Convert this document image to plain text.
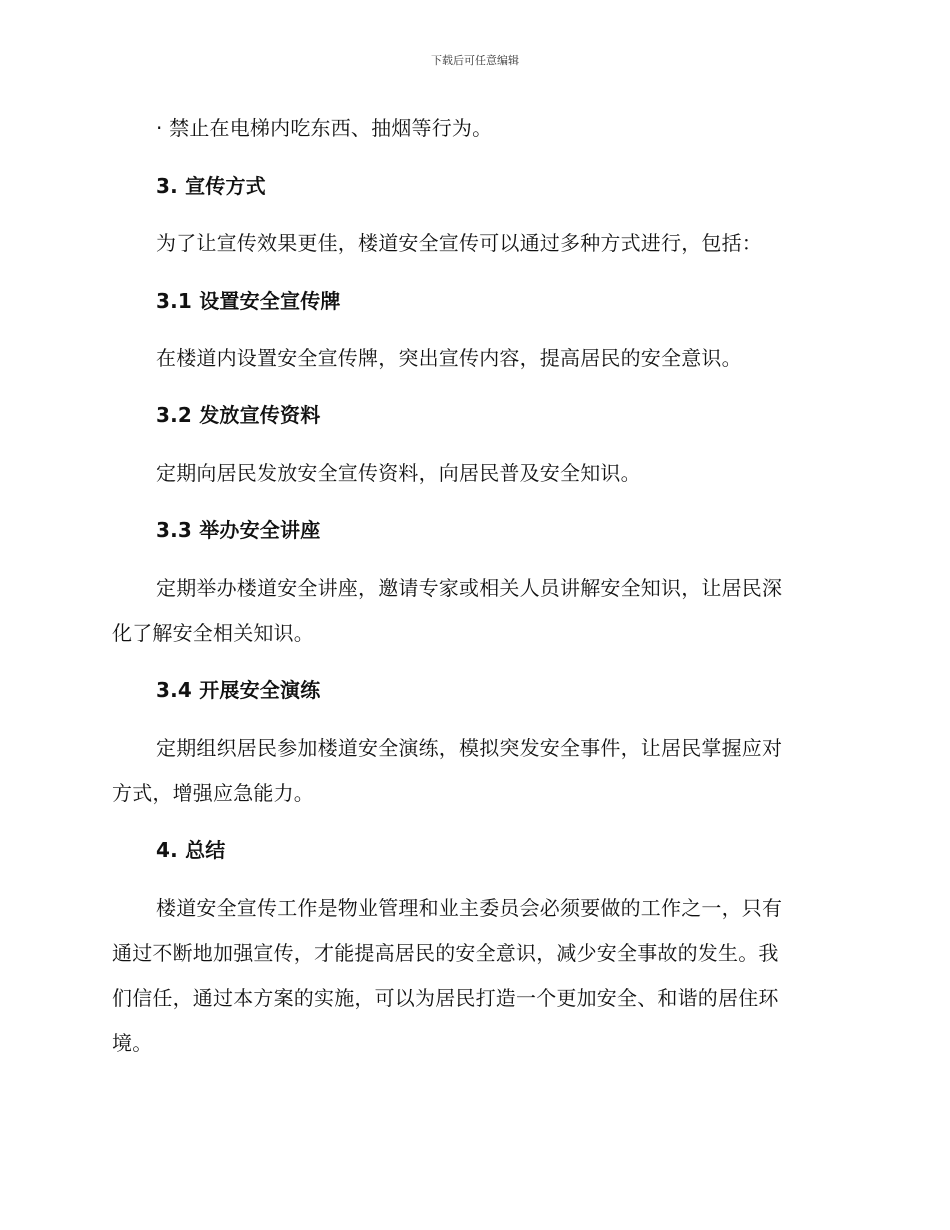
下载后可任意编辑
· 禁止在电梯内吃东西、抽烟等行为。
3. 宣传方式
为了让宣传效果更佳，楼道安全宣传可以通过多种方式进行，包括：
3.1 设置安全宣传牌
在楼道内设置安全宣传牌，突出宣传内容，提高居民的安全意识。
3.2 发放宣传资料
定期向居民发放安全宣传资料，向居民普及安全知识。
3.3 举办安全讲座
定期举办楼道安全讲座，邀请专家或相关人员讲解安全知识，让居民深
化了解安全相关知识。
3.4 开展安全演练
定期组织居民参加楼道安全演练，模拟突发安全事件，让居民掌握应对
方式，增强应急能力。
4. 总结
楼道安全宣传工作是物业管理和业主委员会必须要做的工作之一，只有
通过不断地加强宣传，才能提高居民的安全意识，减少安全事故的发生。我
们信任，通过本方案的实施，可以为居民打造一个更加安全、和谐的居住环
境。
